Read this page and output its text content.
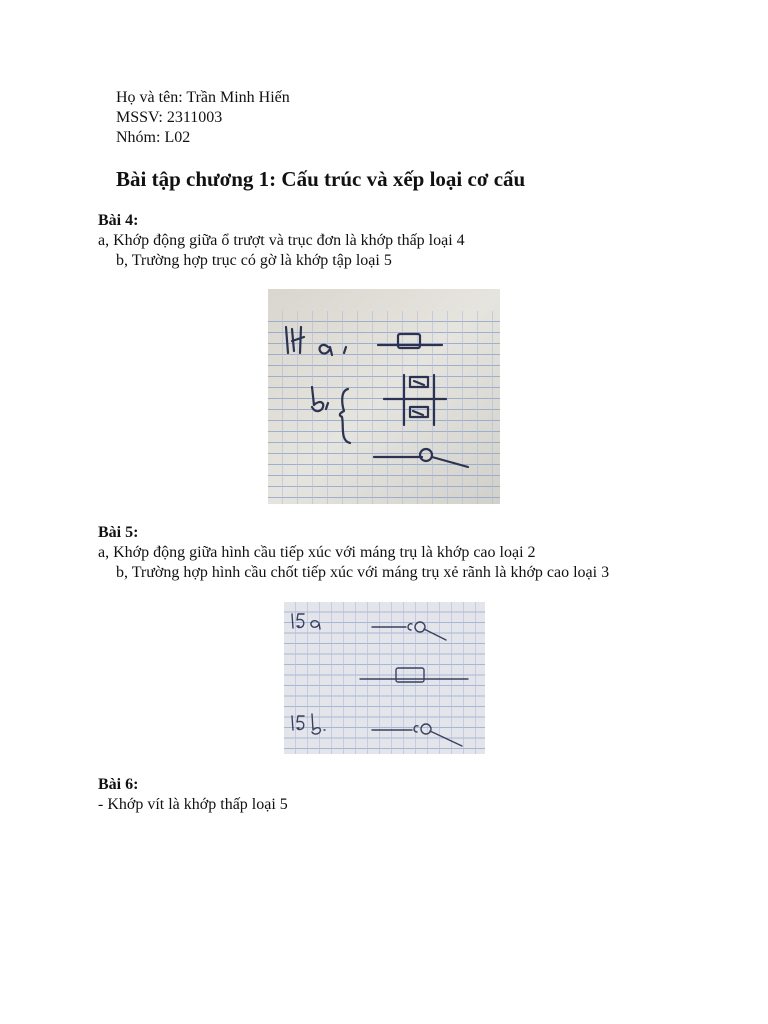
Họ và tên: Trần Minh Hiến
MSSV: 2311003
Nhóm: L02
Bài tập chương 1: Cấu trúc và xếp loại cơ cấu
Bài 4:
a, Khớp động giữa ổ trượt và trục đơn là khớp thấp loại 4
b, Trường hợp trục có gờ là khớp tập loại 5
Bài 5:
a, Khớp động giữa hình cầu tiếp xúc với máng trụ là khớp cao loại 2
b, Trường hợp hình cầu chốt tiếp xúc với máng trụ xẻ rãnh là khớp cao loại 3
Bài 6:
- Khớp vít là khớp thấp loại 5
